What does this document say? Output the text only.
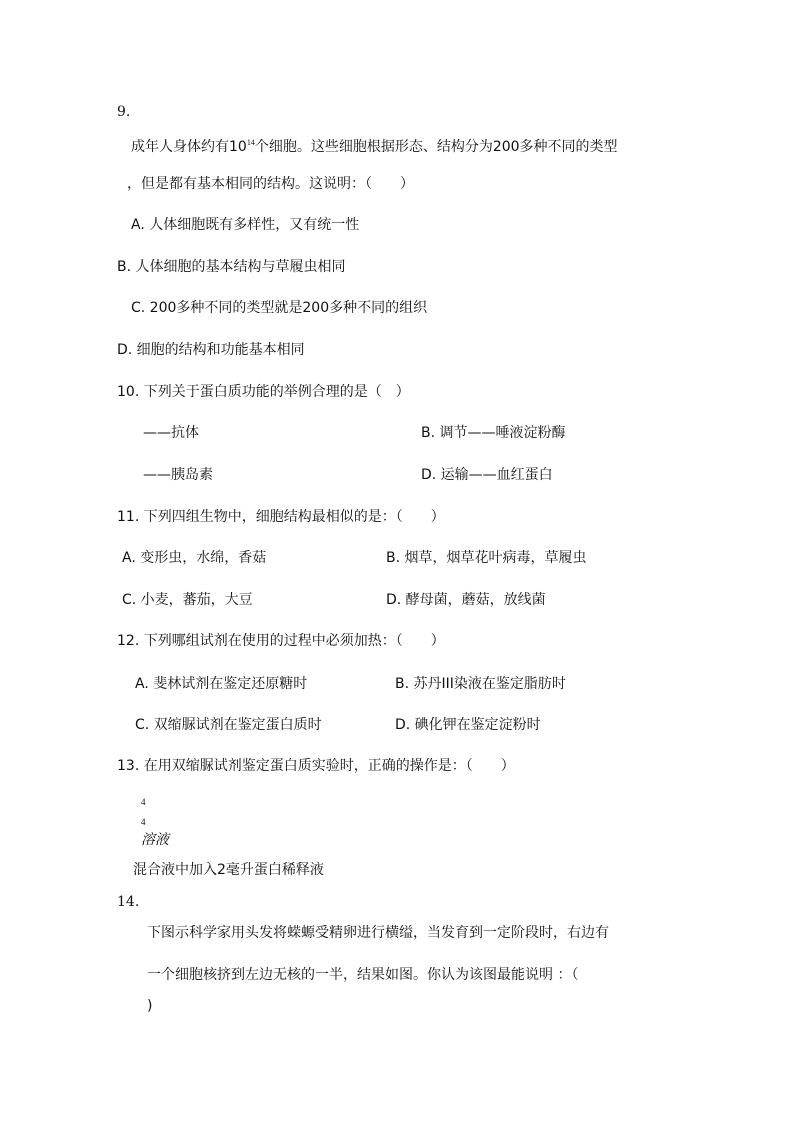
9.
成年人身体约有$10^{14}$个细胞。这些细胞根据形态、结构分为200多种不同的类型
，但是都有基本相同的结构。这说明：（　　）
A. 人体细胞既有多样性，又有统一性
B. 人体细胞的基本结构与草履虫相同
C. 200多种不同的类型就是200多种不同的组织
D. 细胞的结构和功能基本相同
10. 下列关于蛋白质功能的举例合理的是（　）
——抗体	B. 调节——唾液淀粉酶
——胰岛素	D. 运输——血红蛋白
11. 下列四组生物中，细胞结构最相似的是：（　　）
A. 变形虫，水绵，香菇	B. 烟草，烟草花叶病毒，草履虫
C. 小麦，蕃茄，大豆	D. 酵母菌，蘑菇，放线菌
12. 下列哪组试剂在使用的过程中必须加热：（　　）
A. 斐林试剂在鉴定还原糖时	B. 苏丹III染液在鉴定脂肪时
C. 双缩脲试剂在鉴定蛋白质时	D. 碘化钾在鉴定淀粉时
13. 在用双缩脲试剂鉴定蛋白质实验时，正确的操作是：（　　）
4
4
溶液
混合液中加入2毫升蛋白稀释液
14.
下图示科学家用头发将蝾螈受精卵进行横缢，当发育到一定阶段时，右边有
一个细胞核挤到左边无核的一半，结果如图。你认为该图最能说明 ：（
)
